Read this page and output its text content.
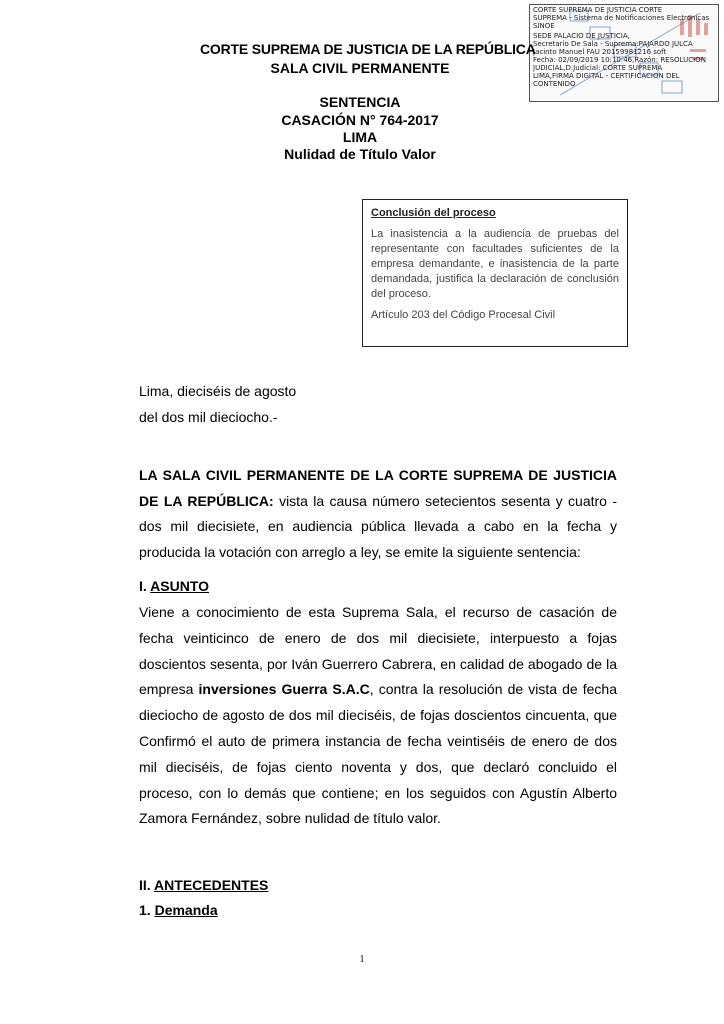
CORTE SUPREMA DE JUSTICIA CORTE
SUPREMA - Sistema de Notificaciones Electronicas
SINOE
SEDE PALACIO DE JUSTICIA,
Secretario De Sala - Suprema:PAJARDO JULCA
Jacinto Manuel FAU 20159981216 soft
Fecha: 02/09/2019 10:10:46,Razón: RESOLUCIÓN
JUDICIAL,D.Judicial: CORTE SUPREMA
LIMA,FIRMA DIGITAL - CERTIFICACION DEL
CONTENIDO
CORTE SUPREMA DE JUSTICIA DE LA REPÚBLICA
SALA CIVIL PERMANENTE
SENTENCIA
CASACIÓN N° 764-2017
LIMA
Nulidad de Título Valor
Conclusión del proceso
La inasistencia a la audiencia de pruebas del representante con facultades suficientes de la empresa demandante, e inasistencia de la parte demandada, justifica la declaración de conclusión del proceso.
Artículo 203 del Código Procesal Civil
Lima, dieciséis de agosto
del dos mil dieciocho.-
LA SALA CIVIL PERMANENTE DE LA CORTE SUPREMA DE JUSTICIA DE LA REPÚBLICA: vista la causa número setecientos sesenta y cuatro - dos mil diecisiete, en audiencia pública llevada a cabo en la fecha y producida la votación con arreglo a ley, se emite la siguiente sentencia:
I. ASUNTO
Viene a conocimiento de esta Suprema Sala, el recurso de casación de fecha veinticinco de enero de dos mil diecisiete, interpuesto a fojas doscientos sesenta, por Iván Guerrero Cabrera, en calidad de abogado de la empresa inversiones Guerra S.A.C, contra la resolución de vista de fecha dieciocho de agosto de dos mil dieciséis, de fojas doscientos cincuenta, que Confirmó el auto de primera instancia de fecha veintiséis de enero de dos mil dieciséis, de fojas ciento noventa y dos, que declaró concluido el proceso, con lo demás que contiene; en los seguidos con Agustín Alberto Zamora Fernández, sobre nulidad de título valor.
II. ANTECEDENTES
1. Demanda
1
